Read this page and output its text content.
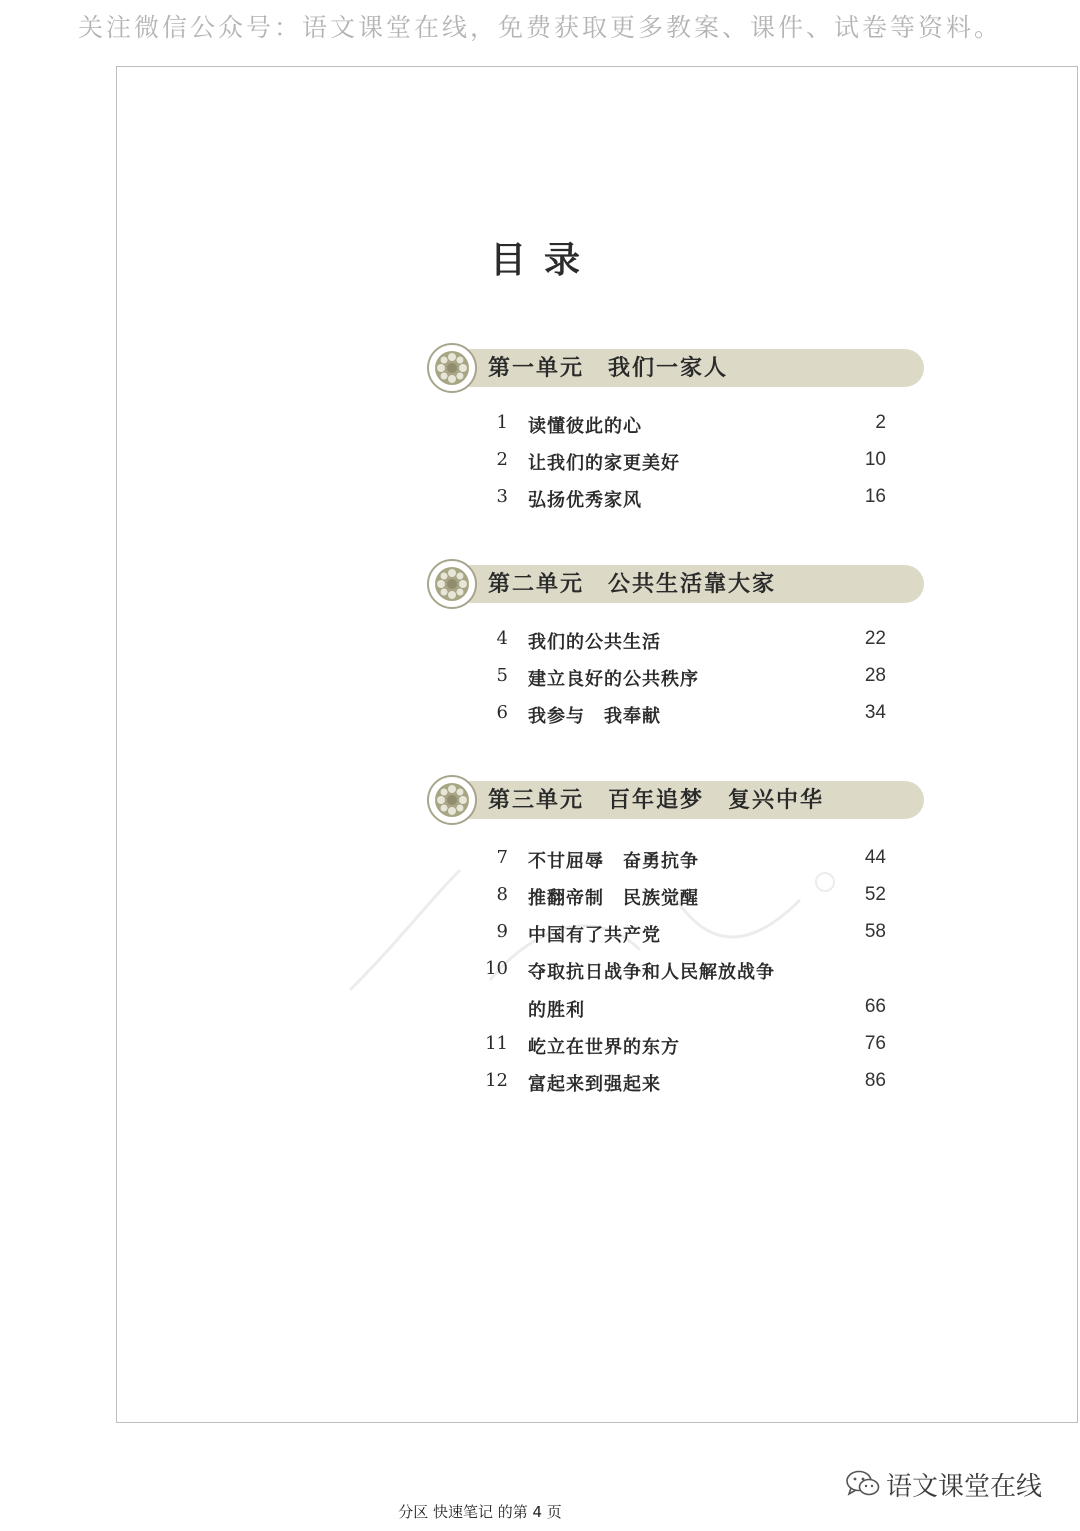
关注微信公众号：语文课堂在线，免费获取更多教案、课件、试卷等资料。
目录
第一单元　我们一家人
1 读懂彼此的心	2
2 让我们的家更美好	10
3 弘扬优秀家风	16
第二单元　公共生活靠大家
4 我们的公共生活	22
5 建立良好的公共秩序	28
6 我参与　我奉献	34
第三单元　百年追梦　复兴中华
7 不甘屈辱　奋勇抗争	44
8 推翻帝制　民族觉醒	52
9 中国有了共产党	58
10 夺取抗日战争和人民解放战争
的胜利	66
11 屹立在世界的东方	76
12 富起来到强起来	86
语文课堂在线
分区 快速笔记 的第 4 页
